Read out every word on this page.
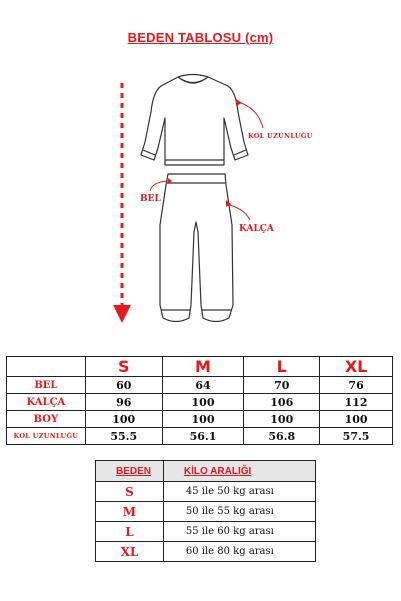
BEDEN TABLOSU (cm)
KOL UZUNLUĞU
BEL
KALÇA
	S	M	L	XL
BEL	60	64	70	76
KALÇA	96	100	106	112
BOY	100	100	100	100
KOL UZUNLUĞU	55.5	56.1	56.8	57.5
BEDEN	KİLO ARALIĞI
S	45 ile 50 kg arası
M	50 ile 55 kg arası
L	55 ile 60 kg arası
XL	60 ile 80 kg arası
